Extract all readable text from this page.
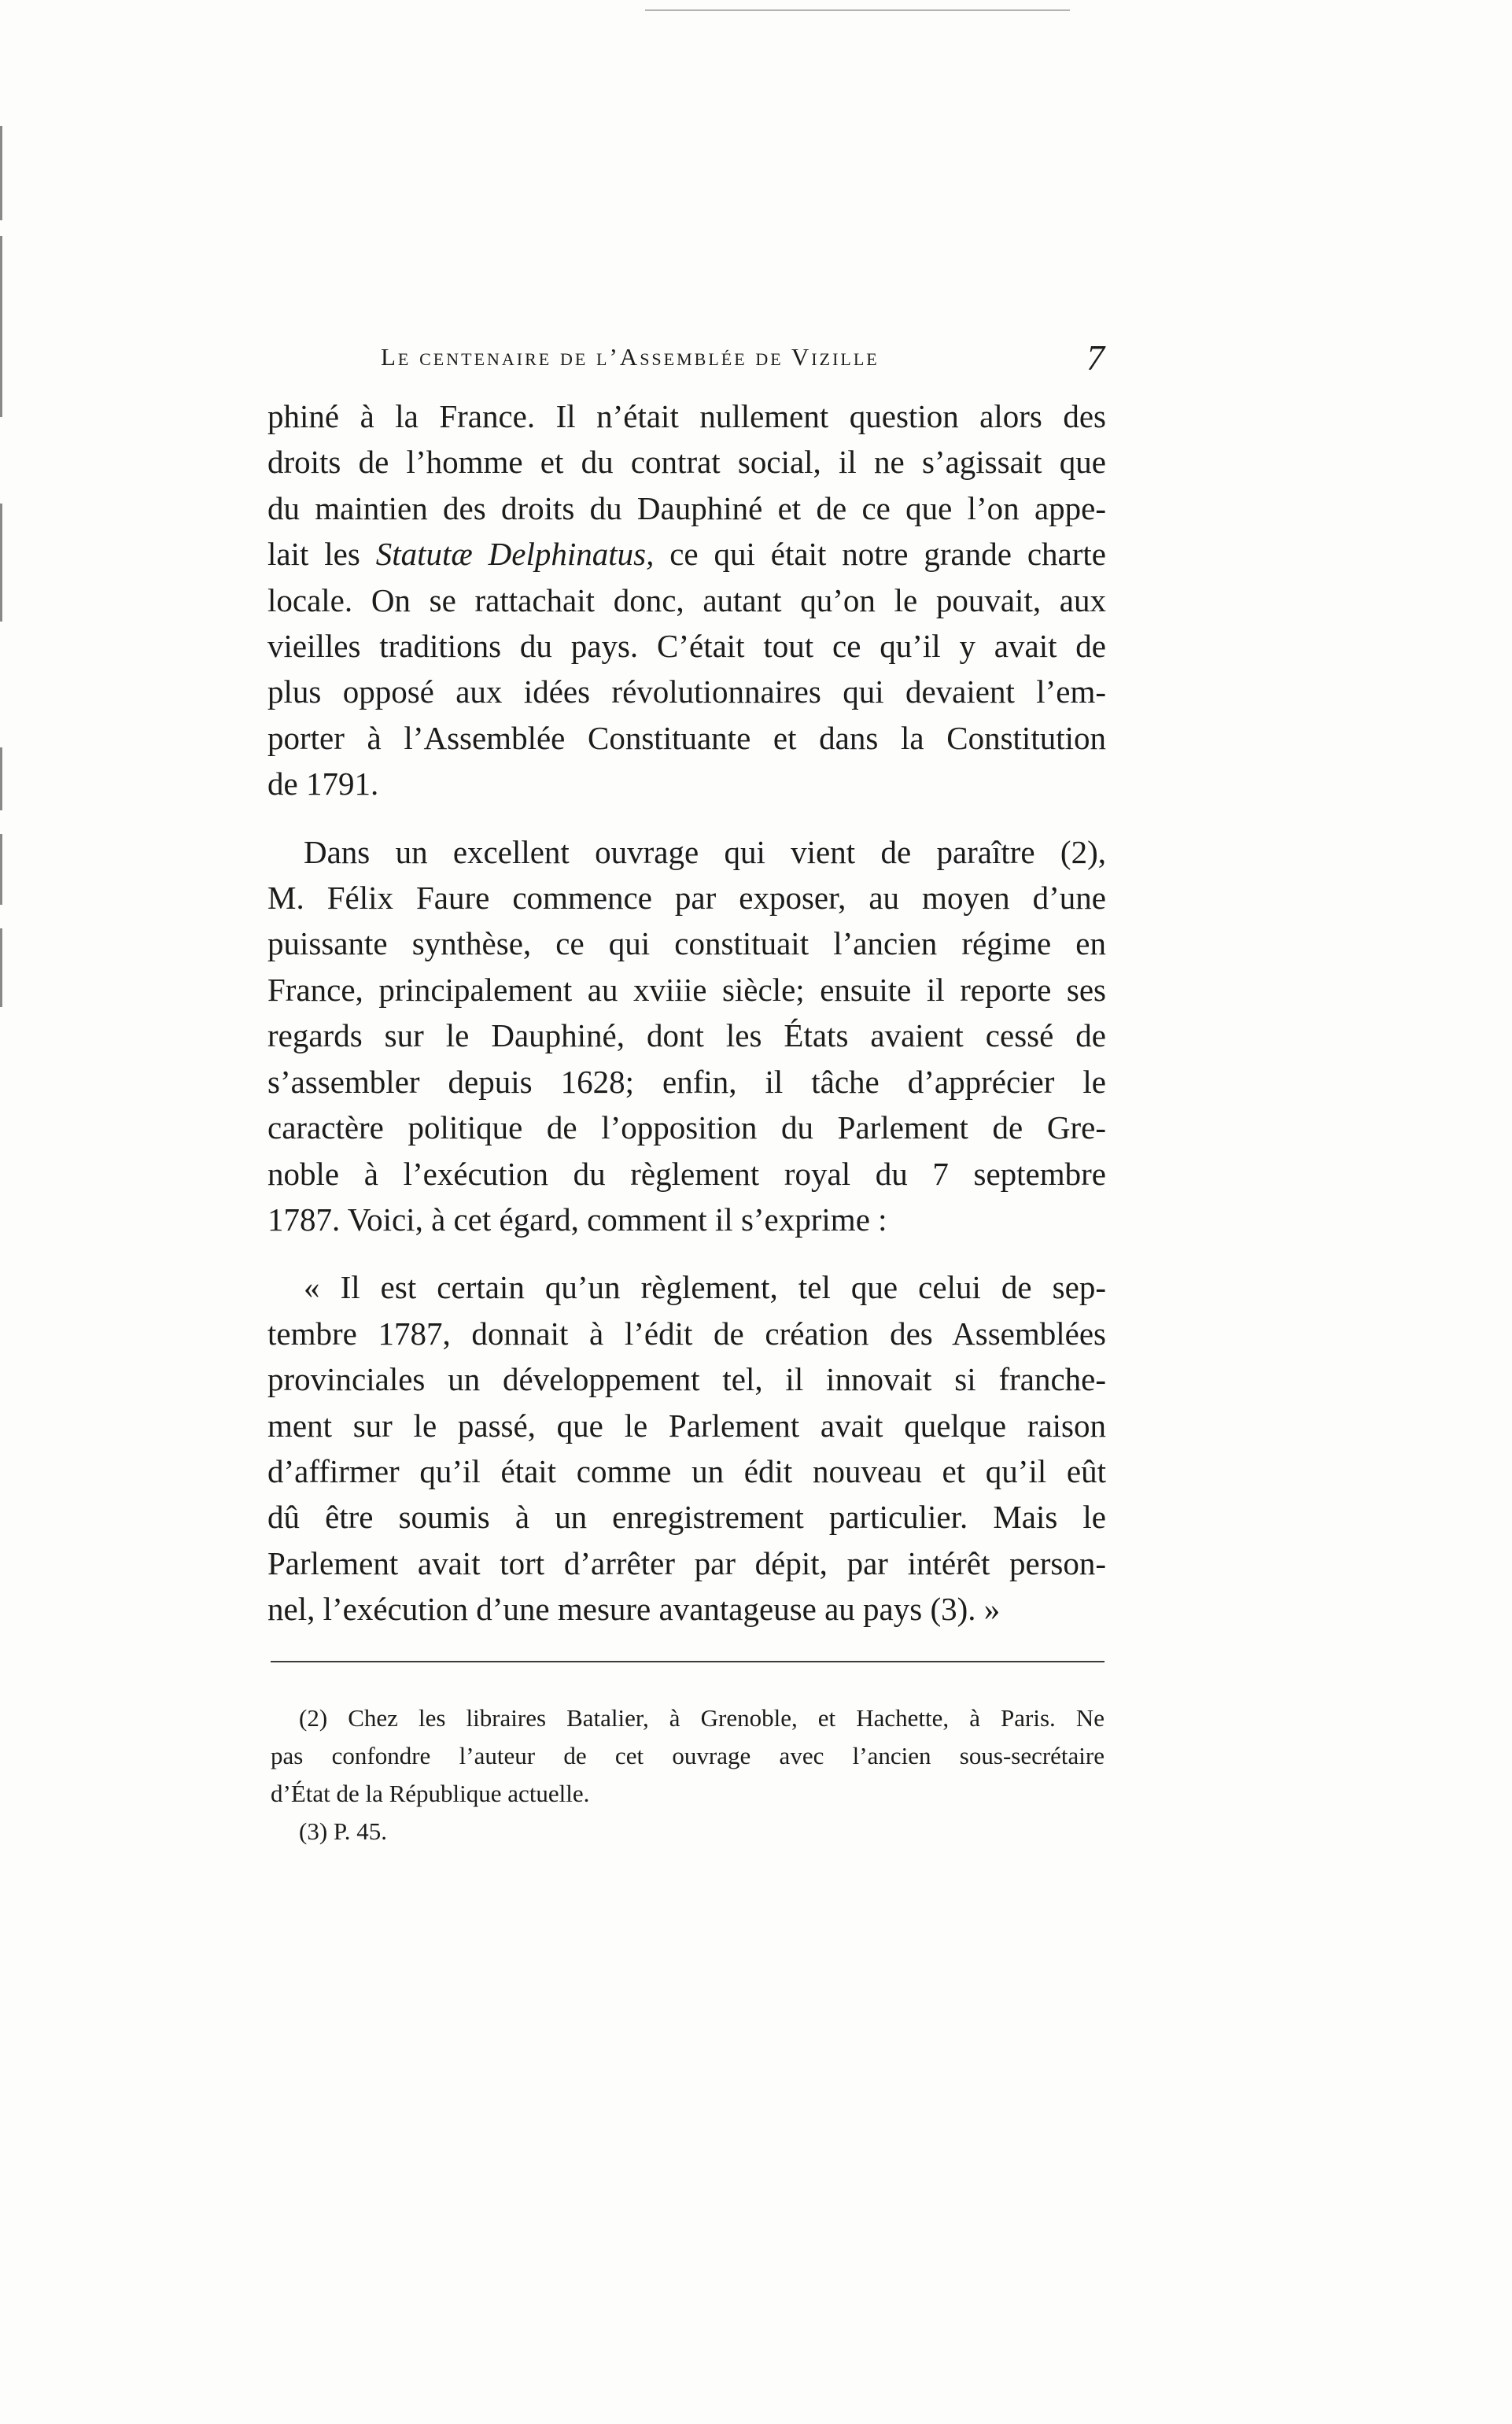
Le centenaire de l’Assemblée de Vizille	7
phiné à la France. Il n’était nullement question alors des
droits de l’homme et du contrat social, il ne s’agissait que
du maintien des droits du Dauphiné et de ce que l’on appe-
lait les Statutæ Delphinatus, ce qui était notre grande charte
locale. On se rattachait donc, autant qu’on le pouvait, aux
vieilles traditions du pays. C’était tout ce qu’il y avait de
plus opposé aux idées révolutionnaires qui devaient l’em-
porter à l’Assemblée Constituante et dans la Constitution
de 1791.
Dans un excellent ouvrage qui vient de paraître (2),
M. Félix Faure commence par exposer, au moyen d’une
puissante synthèse, ce qui constituait l’ancien régime en
France, principalement au xviiie siècle; ensuite il reporte ses
regards sur le Dauphiné, dont les États avaient cessé de
s’assembler depuis 1628; enfin, il tâche d’apprécier le
caractère politique de l’opposition du Parlement de Gre-
noble à l’exécution du règlement royal du 7 septembre
1787. Voici, à cet égard, comment il s’exprime :
« Il est certain qu’un règlement, tel que celui de sep-
tembre 1787, donnait à l’édit de création des Assemblées
provinciales un développement tel, il innovait si franche-
ment sur le passé, que le Parlement avait quelque raison
d’affirmer qu’il était comme un édit nouveau et qu’il eût
dû être soumis à un enregistrement particulier. Mais le
Parlement avait tort d’arrêter par dépit, par intérêt person-
nel, l’exécution d’une mesure avantageuse au pays (3). »
(2) Chez les libraires Batalier, à Grenoble, et Hachette, à Paris. Ne
pas confondre l’auteur de cet ouvrage avec l’ancien sous-secrétaire
d’État de la République actuelle.
(3) P. 45.
